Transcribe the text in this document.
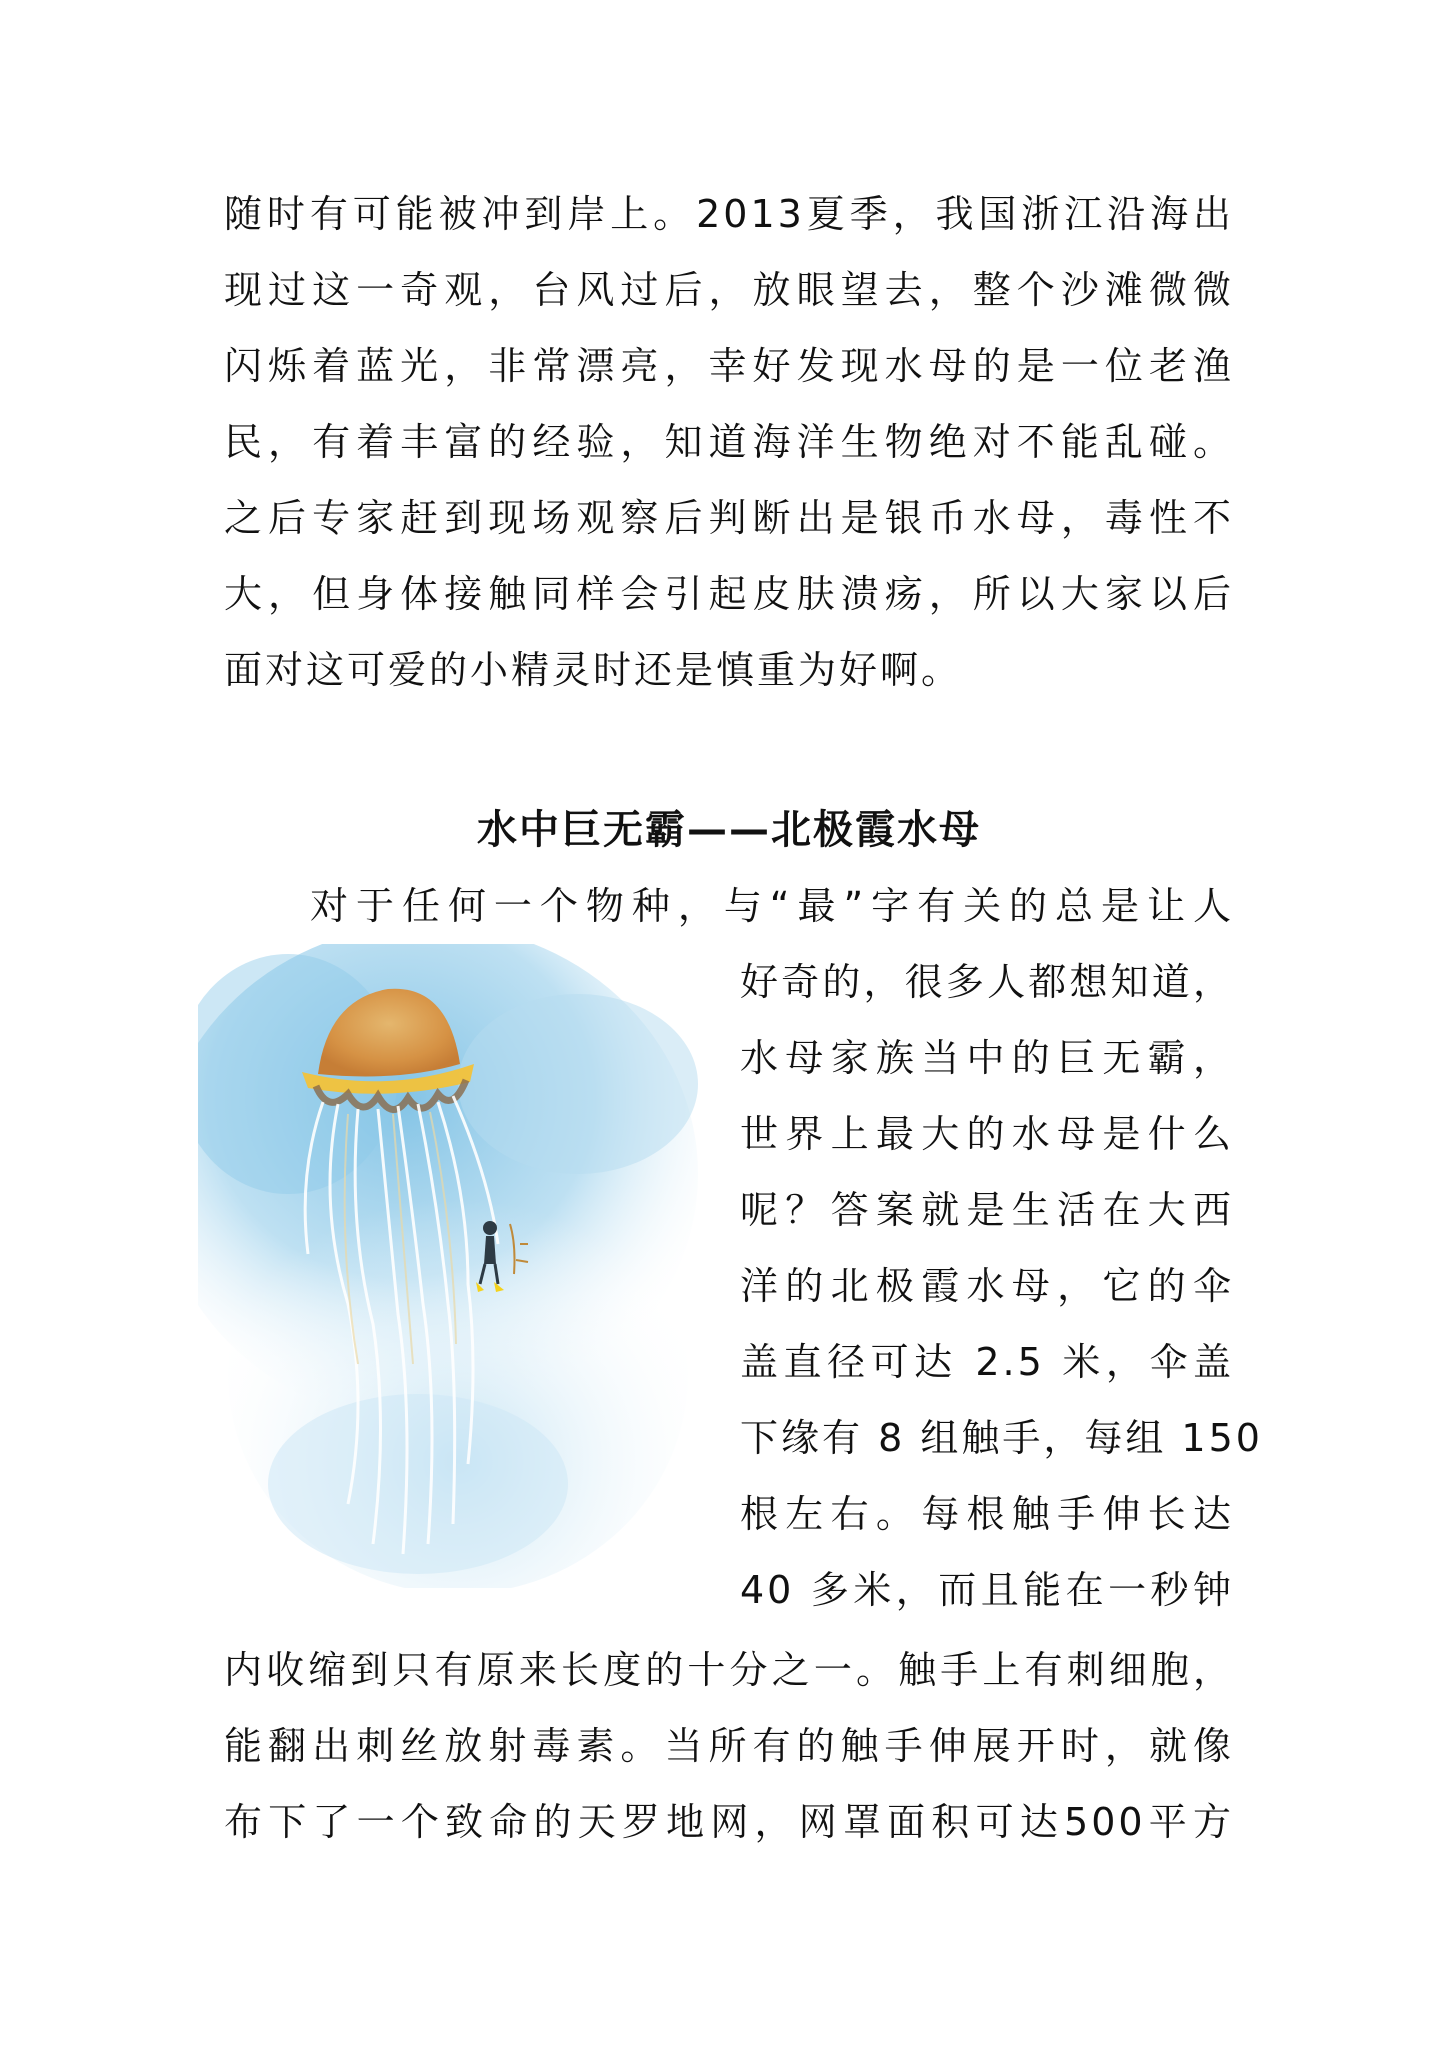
随时有可能被冲到岸上。2013夏季，我国浙江沿海出
现过这一奇观，台风过后，放眼望去，整个沙滩微微
闪烁着蓝光，非常漂亮，幸好发现水母的是一位老渔
民，有着丰富的经验，知道海洋生物绝对不能乱碰。
之后专家赶到现场观察后判断出是银币水母，毒性不
大，但身体接触同样会引起皮肤溃疡，所以大家以后
面对这可爱的小精灵时还是慎重为好啊。
水中巨无霸——北极霞水母
对于任何一个物种，与“最”字有关的总是让人
好奇的，很多人都想知道，
水母家族当中的巨无霸，
世界上最大的水母是什么
呢？答案就是生活在大西
洋的北极霞水母，它的伞
盖直径可达 2.5 米，伞盖
下缘有 8 组触手，每组 150
根左右。每根触手伸长达
40 多米，而且能在一秒钟
内收缩到只有原来长度的十分之一。触手上有刺细胞，
能翻出刺丝放射毒素。当所有的触手伸展开时，就像
布下了一个致命的天罗地网，网罩面积可达500平方
